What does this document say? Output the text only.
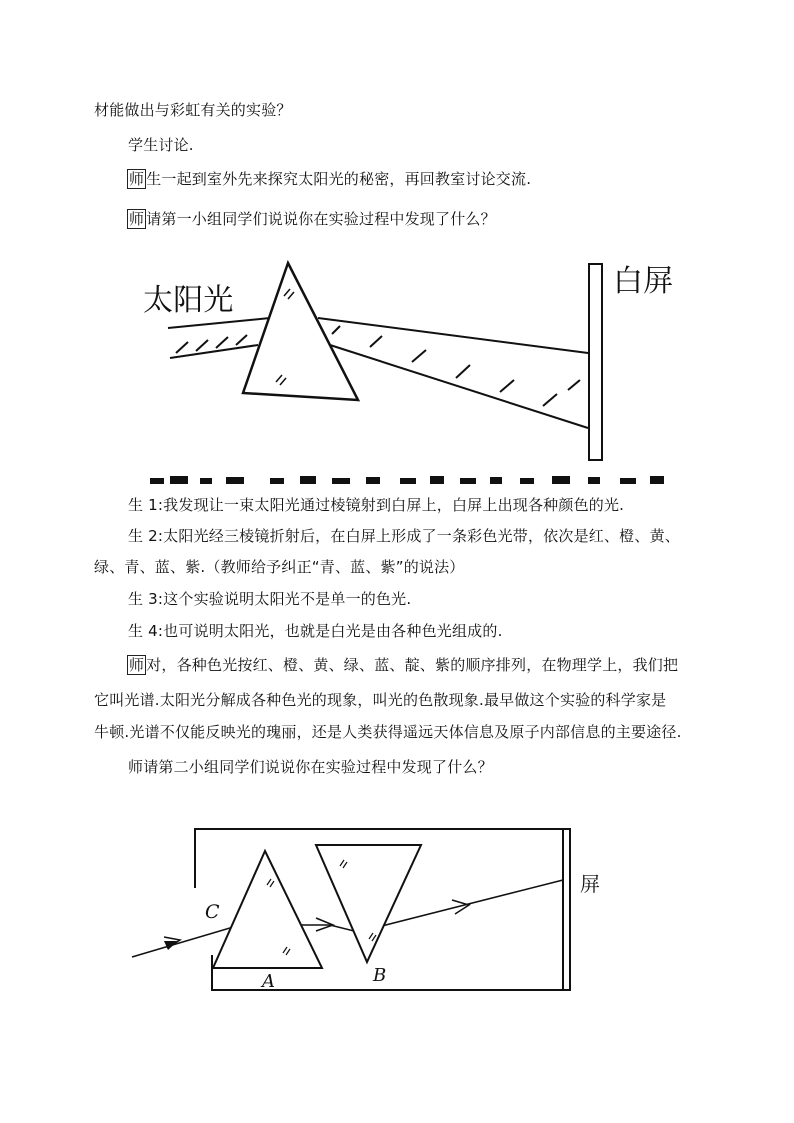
材能做出与彩虹有关的实验？
学生讨论.
师 生一起到室外先来探究太阳光的秘密，再回教室讨论交流.
师 请第一小组同学们说说你在实验过程中发现了什么？
太阳光
白屏
生 1:我发现让一束太阳光通过棱镜射到白屏上，白屏上出现各种颜色的光.
生 2:太阳光经三棱镜折射后，在白屏上形成了一条彩色光带，依次是红、橙、黄、
绿、青、蓝、紫.（教师给予纠正“青、蓝、紫”的说法）
生 3:这个实验说明太阳光不是单一的色光.
生 4:也可说明太阳光，也就是白光是由各种色光组成的.
师 对，各种色光按红、橙、黄、绿、蓝、靛、紫的顺序排列，在物理学上，我们把
它叫光谱.太阳光分解成各种色光的现象，叫光的色散现象.最早做这个实验的科学家是
牛顿.光谱不仅能反映光的瑰丽，还是人类获得遥远天体信息及原子内部信息的主要途径.
师请第二小组同学们说说你在实验过程中发现了什么？
C
A	B
屏
